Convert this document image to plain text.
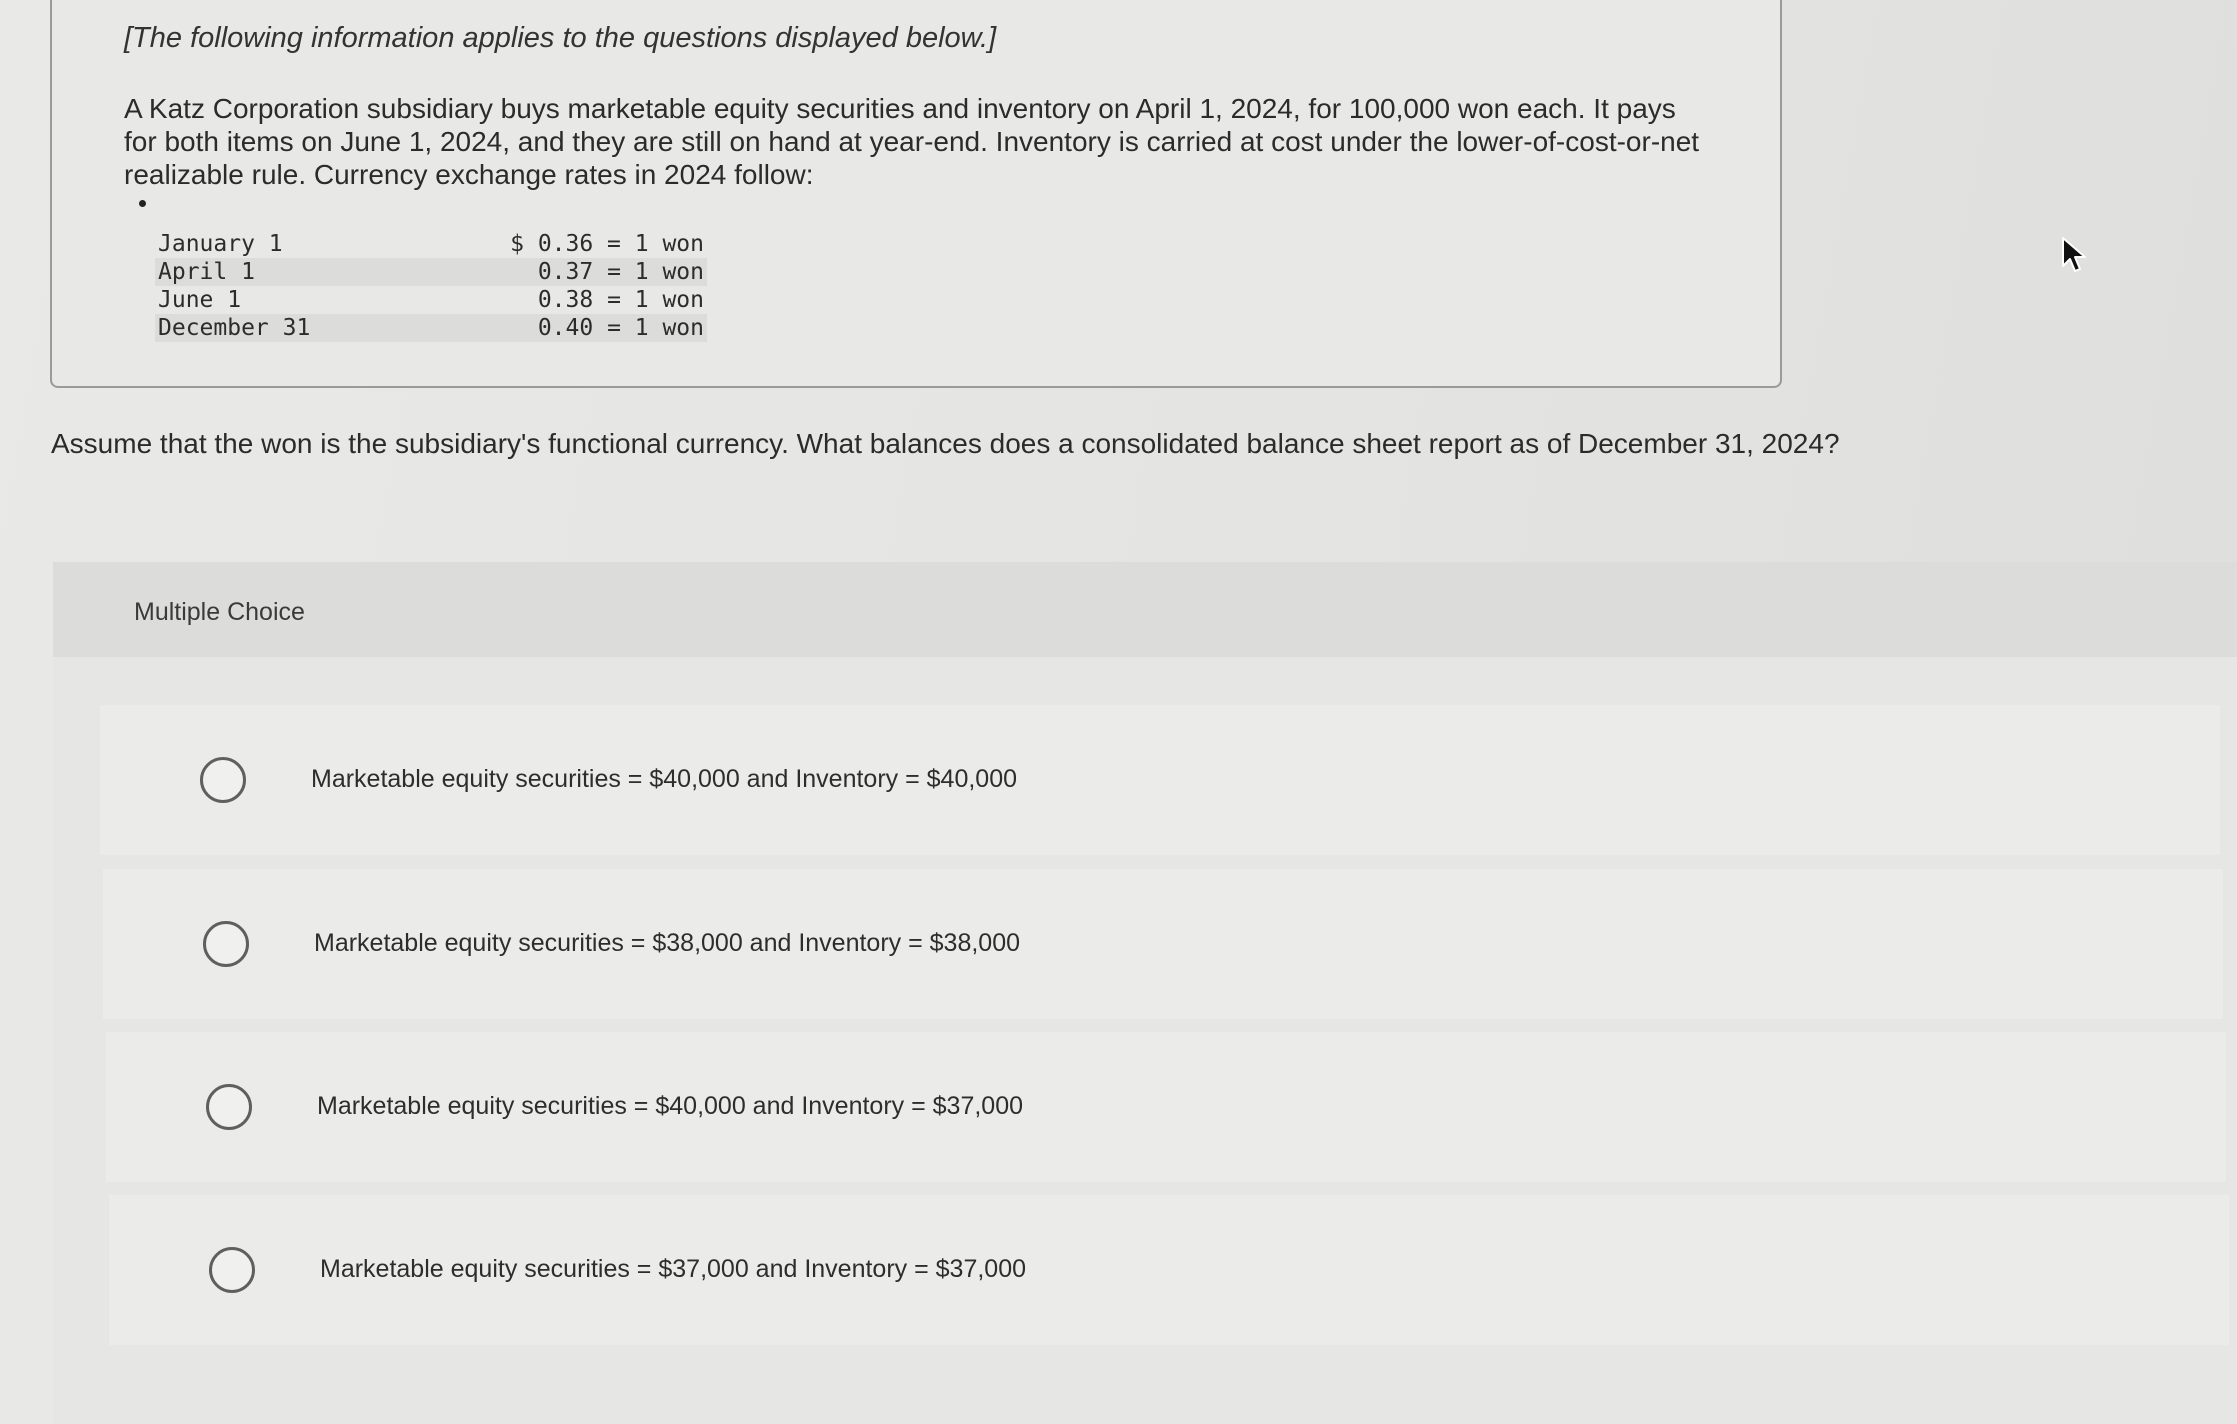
[The following information applies to the questions displayed below.]
A Katz Corporation subsidiary buys marketable equity securities and inventory on April 1, 2024, for 100,000 won each. It pays for both items on June 1, 2024, and they are still on hand at year-end. Inventory is carried at cost under the lower-of-cost-or-net realizable rule. Currency exchange rates in 2024 follow:
January 1	$ 0.36 = 1 won
April 1	0.37 = 1 won
June 1	0.38 = 1 won
December 31	0.40 = 1 won
Assume that the won is the subsidiary's functional currency. What balances does a consolidated balance sheet report as of December 31, 2024?
Multiple Choice
Marketable equity securities = $40,000 and Inventory = $40,000
Marketable equity securities = $38,000 and Inventory = $38,000
Marketable equity securities = $40,000 and Inventory = $37,000
Marketable equity securities = $37,000 and Inventory = $37,000
